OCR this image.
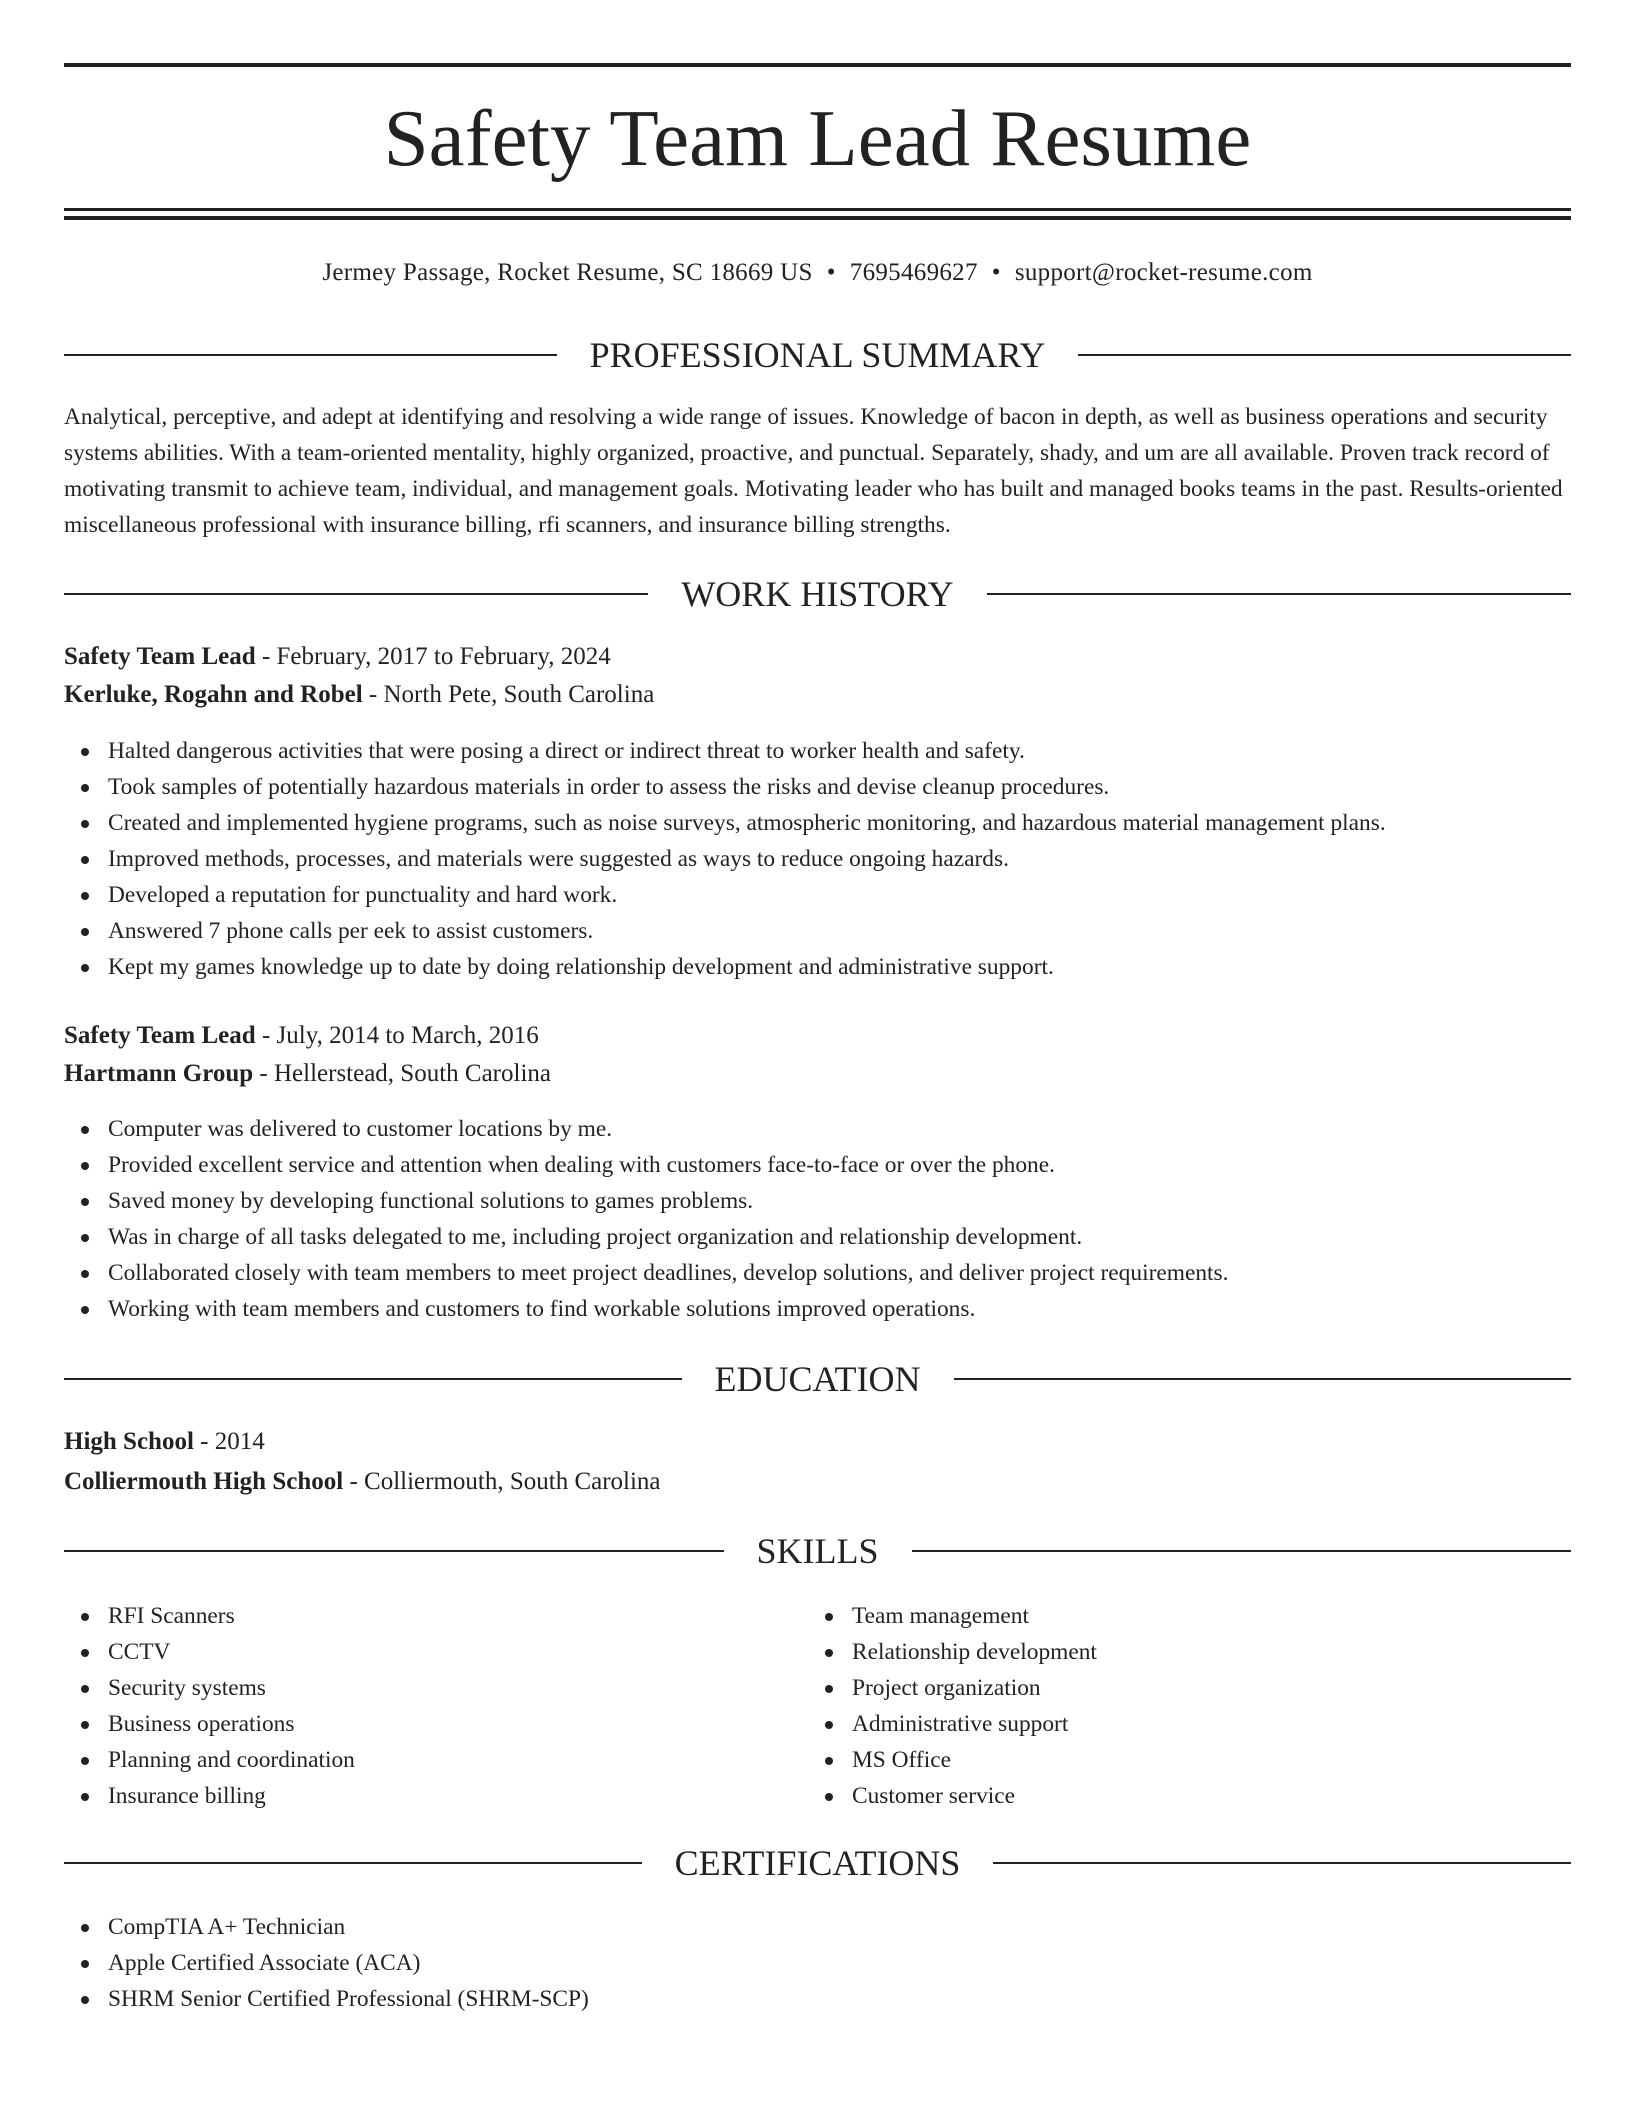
Safety Team Lead Resume
Jermey Passage, Rocket Resume, SC 18669 US • 7695469627 • support@rocket-resume.com
PROFESSIONAL SUMMARY

Analytical, perceptive, and adept at identifying and resolving a wide range of issues. Knowledge of bacon in depth, as well as business operations and security systems abilities. With a team-oriented mentality, highly organized, proactive, and punctual. Separately, shady, and um are all available. Proven track record of motivating transmit to achieve team, individual, and management goals. Motivating leader who has built and managed books teams in the past. Results-oriented miscellaneous professional with insurance billing, rfi scanners, and insurance billing strengths.

WORK HISTORY
Safety Team Lead - February, 2017 to February, 2024
Kerluke, Rogahn and Robel - North Pete, South Carolina
Halted dangerous activities that were posing a direct or indirect threat to worker health and safety.
Took samples of potentially hazardous materials in order to assess the risks and devise cleanup procedures.
Created and implemented hygiene programs, such as noise surveys, atmospheric monitoring, and hazardous material management plans.
Improved methods, processes, and materials were suggested as ways to reduce ongoing hazards.
Developed a reputation for punctuality and hard work.
Answered 7 phone calls per eek to assist customers.
Kept my games knowledge up to date by doing relationship development and administrative support.
Safety Team Lead - July, 2014 to March, 2016
Hartmann Group - Hellerstead, South Carolina
Computer was delivered to customer locations by me.
Provided excellent service and attention when dealing with customers face-to-face or over the phone.
Saved money by developing functional solutions to games problems.
Was in charge of all tasks delegated to me, including project organization and relationship development.
Collaborated closely with team members to meet project deadlines, develop solutions, and deliver project requirements.
Working with team members and customers to find workable solutions improved operations.
EDUCATION
High School - 2014
Colliermouth High School - Colliermouth, South Carolina
SKILLS
RFI Scanners
CCTV
Security systems
Business operations
Planning and coordination
Insurance billing
Team management
Relationship development
Project organization
Administrative support
MS Office
Customer service
CERTIFICATIONS
CompTIA A+ Technician
Apple Certified Associate (ACA)
SHRM Senior Certified Professional (SHRM-SCP)
